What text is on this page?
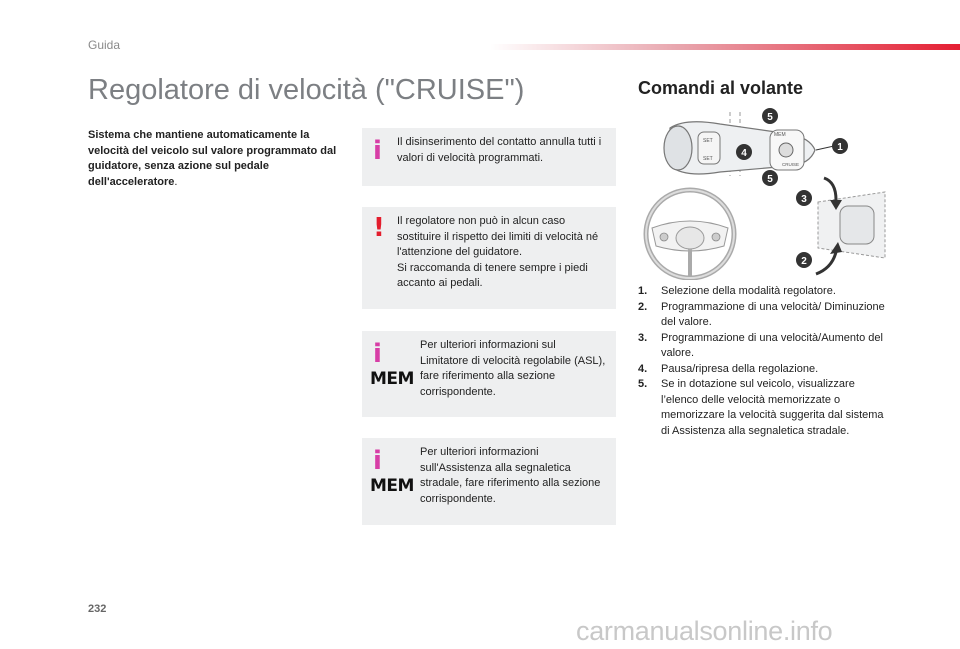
Guida
Regolatore di velocità ("CRUISE")
Sistema che mantiene automaticamente la velocità del veicolo sul valore programmato dal guidatore, senza azione sul pedale dell'acceleratore.
i Il disinserimento del contatto annulla tutti i valori di velocità programmati.
! Il regolatore non può in alcun caso sostituire il rispetto dei limiti di velocità né l'attenzione del guidatore.
Si raccomanda di tenere sempre i piedi accanto ai pedali.
i
MEM
Per ulteriori informazioni sul Limitatore di velocità regolabile (ASL), fare riferimento alla sezione corrispondente.
i
MEM
Per ulteriori informazioni sull'Assistenza alla segnaletica stradale, fare riferimento alla sezione corrispondente.
Comandi al volante
SET
SET
MEM
CRUISE
1
4
5
5
3
2
1. Selezione della modalità regolatore.
2. Programmazione di una velocità/ Diminuzione del valore.
3. Programmazione di una velocità/Aumento del valore.
4. Pausa/ripresa della regolazione.
5. Se in dotazione sul veicolo, visualizzare l’elenco delle velocità memorizzate o memorizzare la velocità suggerita dal sistema di Assistenza alla segnaletica stradale.
232
carmanualsonline.info
